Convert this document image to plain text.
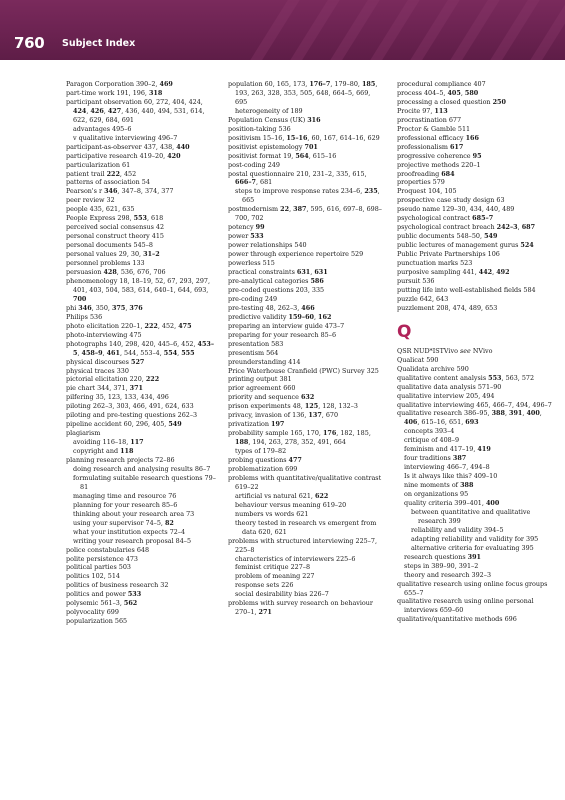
760 Subject Index
Paragon Corporation 390–2, 469
part-time work 191, 196, 318
participant observation 60, 272, 404, 424, 424, 426, 427, 436, 440, 494, 531, 614, 622, 629, 684, 691
advantages 495–6
v qualitative interviewing 496–7
participant-as-observer 437, 438, 440
participative research 419–20, 420
particularization 61
patient trail 222, 452
patterns of association 54
Pearson's r 346, 347–8, 374, 377
peer review 32
people 435, 621, 635
People Express 298, 553, 618
perceived social consensus 42
personal construct theory 415
personal documents 545–8
personal values 29, 30, 31–2
personnel problems 133
persuasion 428, 536, 676, 706
phenomenology 18, 18–19, 52, 67, 293, 297, 401, 403, 504, 583, 614, 640–1, 644, 693, 700
phi 346, 350, 375, 376
Philips 536
photo elicitation 220–1, 222, 452, 475
photo-interviewing 475
photographs 140, 298, 420, 445–6, 452, 453–5, 458–9, 461, 544, 553–4, 554, 555
physical discourses 527
physical traces 330
pictorial elicitation 220, 222
pie chart 344, 371, 371
pilfering 35, 123, 133, 434, 496
piloting 262–3, 303, 466, 491, 624, 633
piloting and pre-testing questions 262–3
pipeline accident 60, 296, 405, 549
plagiarism
avoiding 116–18, 117
copyright and 118
planning research projects 72–86
doing research and analysing results 86–7
formulating suitable research questions 79–81
managing time and resource 76
planning for your research 85–6
thinking about your research area 73
using your supervisor 74–5, 82
what your institution expects 72–4
writing your research proposal 84–5
police constabularies 648
polite persistence 473
political parties 503
politics 102, 514
politics of business research 32
politics and power 533
polysemic 561–3, 562
polyvocality 699
popularization 565
population 60, 165, 173, 176–7, 179–80, 185, 193, 263, 328, 353, 505, 648, 664–5, 669, 695
heterogeneity of 189
Population Census (UK) 316
position-taking 536
positivism 15–16, 15–16, 60, 167, 614–16, 629
positivist epistemology 701
positivist format 19, 564, 615–16
post-coding 249
postal questionnaire 210, 231–2, 335, 615, 666–7, 681
steps to improve response rates 234–6, 235, 665
postmodernism 22, 387, 595, 616, 697–8, 698–700, 702
potency 99
power 533
power relationships 540
power through experience repertoire 529
powerless 515
practical constraints 631, 631
pre-analytical categories 586
pre-coded questions 203, 335
pre-coding 249
pre-testing 48, 262–3, 466
predictive validity 159–60, 162
preparing an interview guide 473–7
preparing for your research 85–6
presentation 583
presentism 564
preunderstanding 414
Price Waterhouse Cranfield (PWC) Survey 325
printing output 381
prior agreement 660
priority and sequence 632
prison experiments 48, 125, 128, 132–3
privacy, invasion of 136, 137, 670
privatization 197
probability sample 165, 170, 176, 182, 185, 188, 194, 263, 278, 352, 491, 664
types of 179–82
probing questions 477
problematization 699
problems with quantitative/qualitative contrast 619–22
artificial vs natural 621, 622
behaviour versus meaning 619–20
numbers vs words 621
theory tested in research vs emergent from data 620, 621
problems with structured interviewing 225–7, 225–8
characteristics of interviewers 225–6
feminist critique 227–8
problem of meaning 227
response sets 226
social desirability bias 226–7
problems with survey research on behaviour 270–1, 271
procedural compliance 407
process 404–5, 405, 580
processing a closed question 250
Procite 97, 113
procrastination 677
Proctor & Gamble 511
professional efficacy 166
professionalism 617
progressive coherence 95
projective methods 220–1
proofreading 684
properties 579
Proquest 104, 105
prospective case study design 63
pseudo name 129–30, 434, 440, 489
psychological contract 685–7
psychological contract breach 242–3, 687
public documents 548–50, 549
public lectures of management gurus 524
Public Private Partnerships 106
punctuation marks 523
purposive sampling 441, 442, 492
pursuit 536
putting life into well-established fields 584
puzzle 642, 643
puzzlement 208, 474, 489, 653
Q
QSR NUD*ISTVivo see NVivo
Qualicat 590
Qualidata archive 590
qualitative content analysis 553, 563, 572
qualitative data analysis 571–90
qualitative interview 205, 494
qualitative interviewing 465, 466–7, 494, 496–7
qualitative research 386–95, 388, 391, 400, 406, 615–16, 651, 693
concepts 393–4
critique of 408–9
feminism and 417–19, 419
four traditions 387
interviewing 466–7, 494–8
Is it always like this? 409–10
nine moments of 388
on organizations 95
quality criteria 399–401, 400
between quantitative and qualitative research 399
reliability and validity 394–5
adapting reliability and validity for 395
alternative criteria for evaluating 395
research questions 391
steps in 389–90, 391–2
theory and research 392–3
qualitative research using online focus groups 655–7
qualitative research using online personal interviews 659–60
qualitative/quantitative methods 696
